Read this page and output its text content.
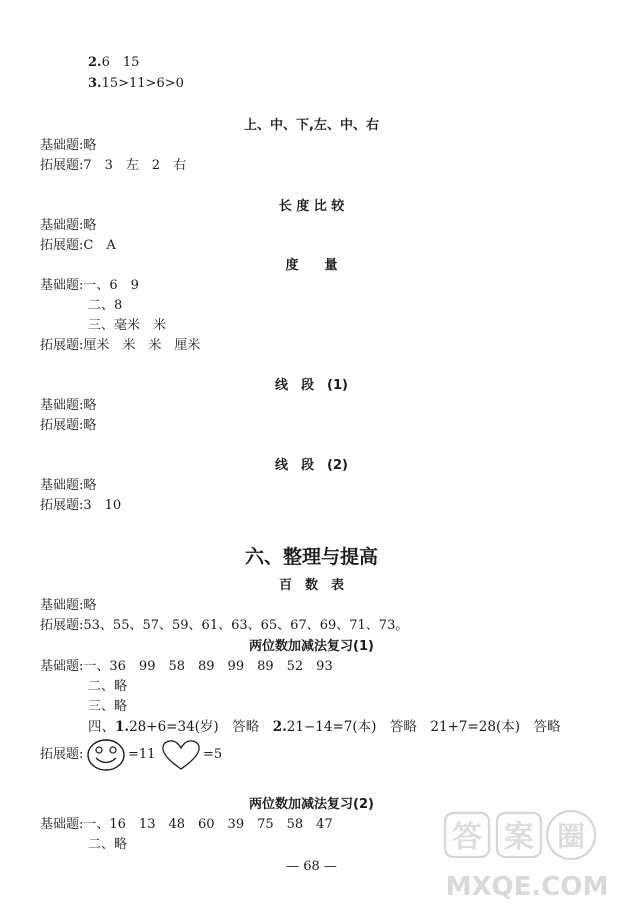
2.6　15
3.15>11>6>0
上、中、下,左、中、右
基础题:略
拓展题:7　3　左　2　右
长 度 比 较
基础题:略
拓展题:C　A
度　　量
基础题:一、6　9
二、8
三、毫米　米
拓展题:厘米　米　米　厘米
线　段　(1)
基础题:略
拓展题:略
线　段　(2)
基础题:略
拓展题:3　10
六、整理与提高
百　数　表
基础题:略
拓展题:53、55、57、59、61、63、65、67、69、71、73。
两位数加减法复习(1)
基础题:一、36　99　58　89　99　89　52　93
二、略
三、略
四、1.28+6=34(岁)　答略　2.21−14=7(本)　答略　21+7=28(本)　答略
拓展题:	=11	=5
两位数加减法复习(2)
基础题:一、16　13　48　60　39　75　58　47
二、略
— 68 —
答 案 圈
MXQE.COM
